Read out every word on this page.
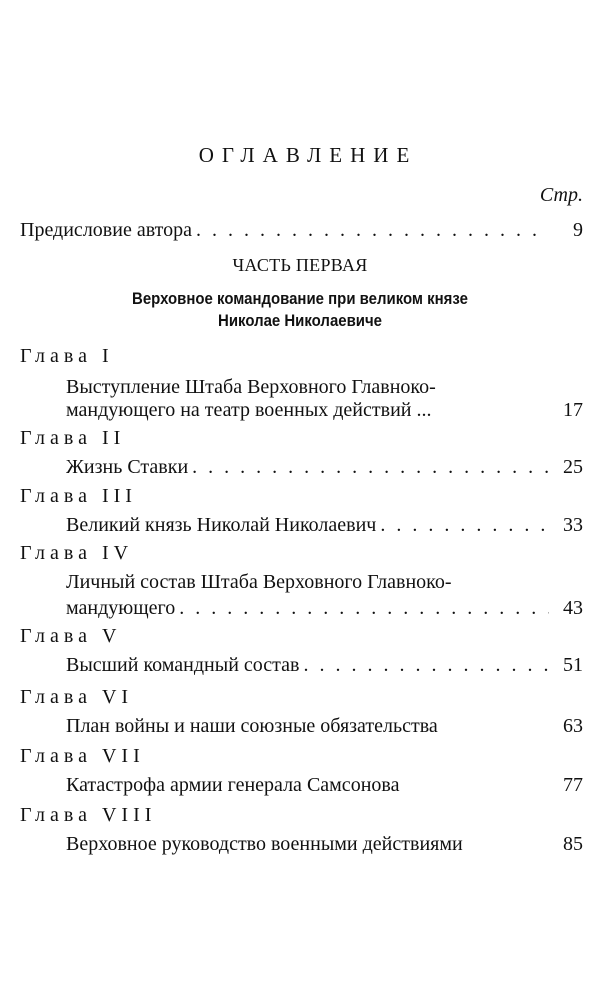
ОГЛАВЛЕНИЕ
Стр.
Предисловие автора . . .	9
ЧАСТЬ ПЕРВАЯ
Верховное командование при великом князе
Николае Николаевиче
Глава I
Выступление Штаба Верховного Главноко-
мандующего на театр военных действий ...	17
Глава II
Жизнь Ставки . . .	25
Глава III
Великий князь Николай Николаевич . . .	33
Глава IV
Личный состав Штаба Верховного Главноко-
мандующего . . .	43
Глава V
Высший командный состав . . .	51
Глава VI
План войны и наши союзные обязательства	63
Глава VII
Катастрофа армии генерала Самсонова	77
Глава VIII
Верховное руководство военными действиями	85
